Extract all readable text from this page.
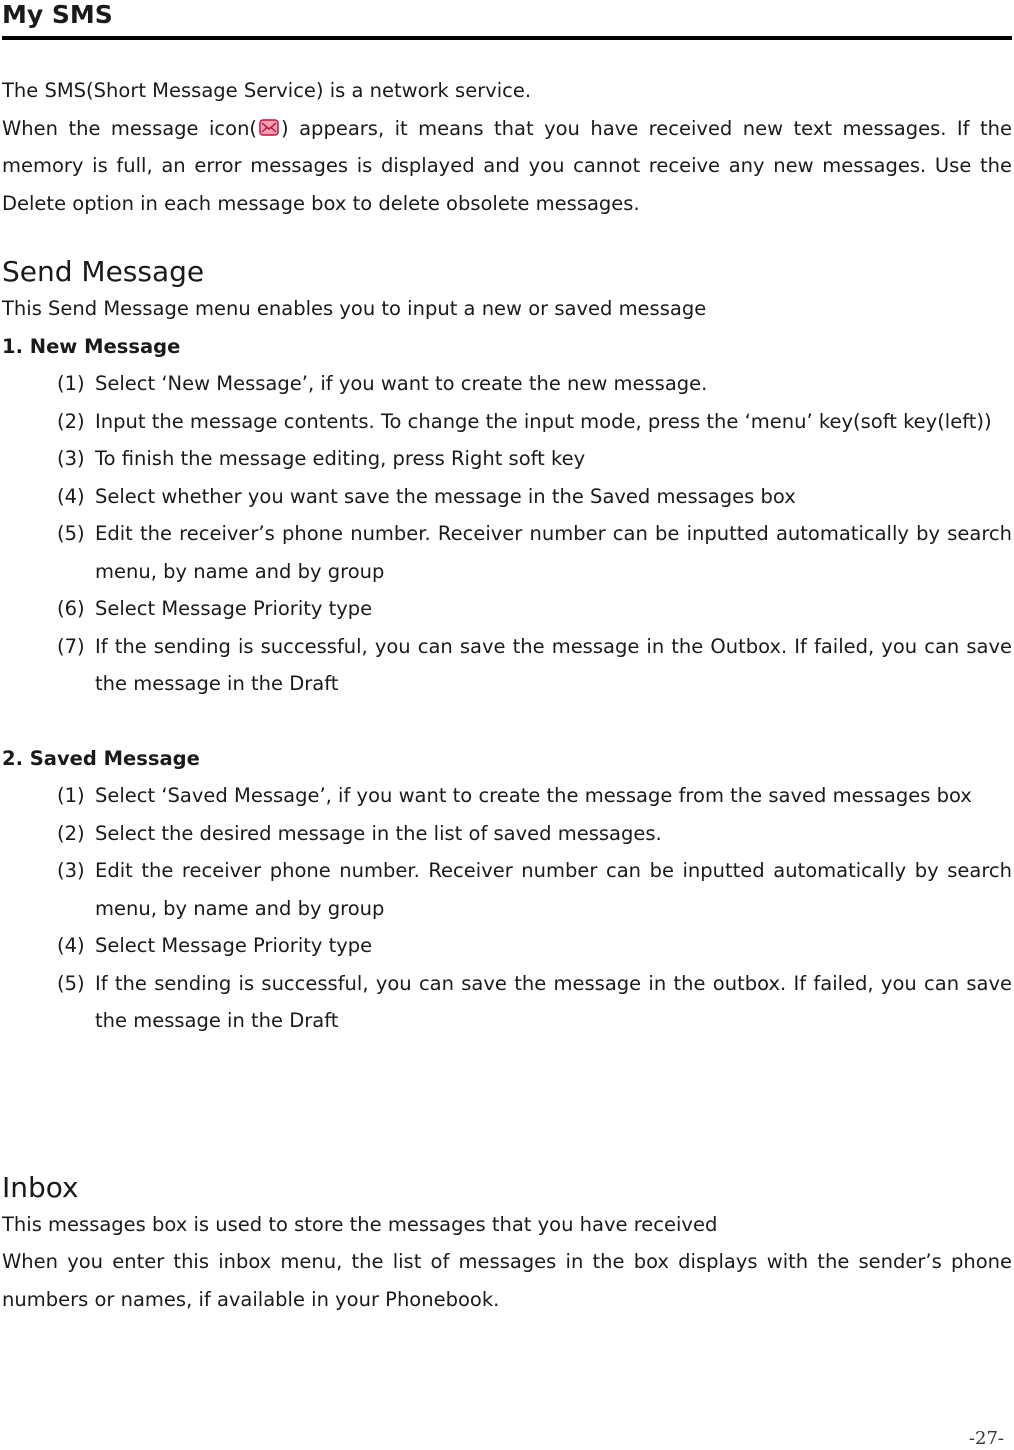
My SMS

The SMS(Short Message Service) is a network service.

When the message icon( ) appears, it means that you have received new text messages. If the memory is full, an error messages is displayed and you cannot receive any new messages. Use the Delete option in each message box to delete obsolete messages.

Send Message

This Send Message menu enables you to input a new or saved message

1. New Message
(1) Select ‘New Message’, if you want to create the new message.
(2) Input the message contents. To change the input mode, press the ‘menu’ key(soft key(left))
(3) To finish the message editing, press Right soft key
(4) Select whether you want save the message in the Saved messages box
(5) Edit the receiver’s phone number. Receiver number can be inputted automatically by search menu, by name and by group
(6) Select Message Priority type
(7) If the sending is successful, you can save the message in the Outbox. If failed, you can save the message in the Draft
2. Saved Message
(1) Select ‘Saved Message’, if you want to create the message from the saved messages box
(2) Select the desired message in the list of saved messages.
(3) Edit the receiver phone number. Receiver number can be inputted automatically by search menu, by name and by group
(4) Select Message Priority type
(5) If the sending is successful, you can save the message in the outbox. If failed, you can save the message in the Draft
Inbox

This messages box is used to store the messages that you have received

When you enter this inbox menu, the list of messages in the box displays with the sender’s phone numbers or names, if available in your Phonebook.

-27-
